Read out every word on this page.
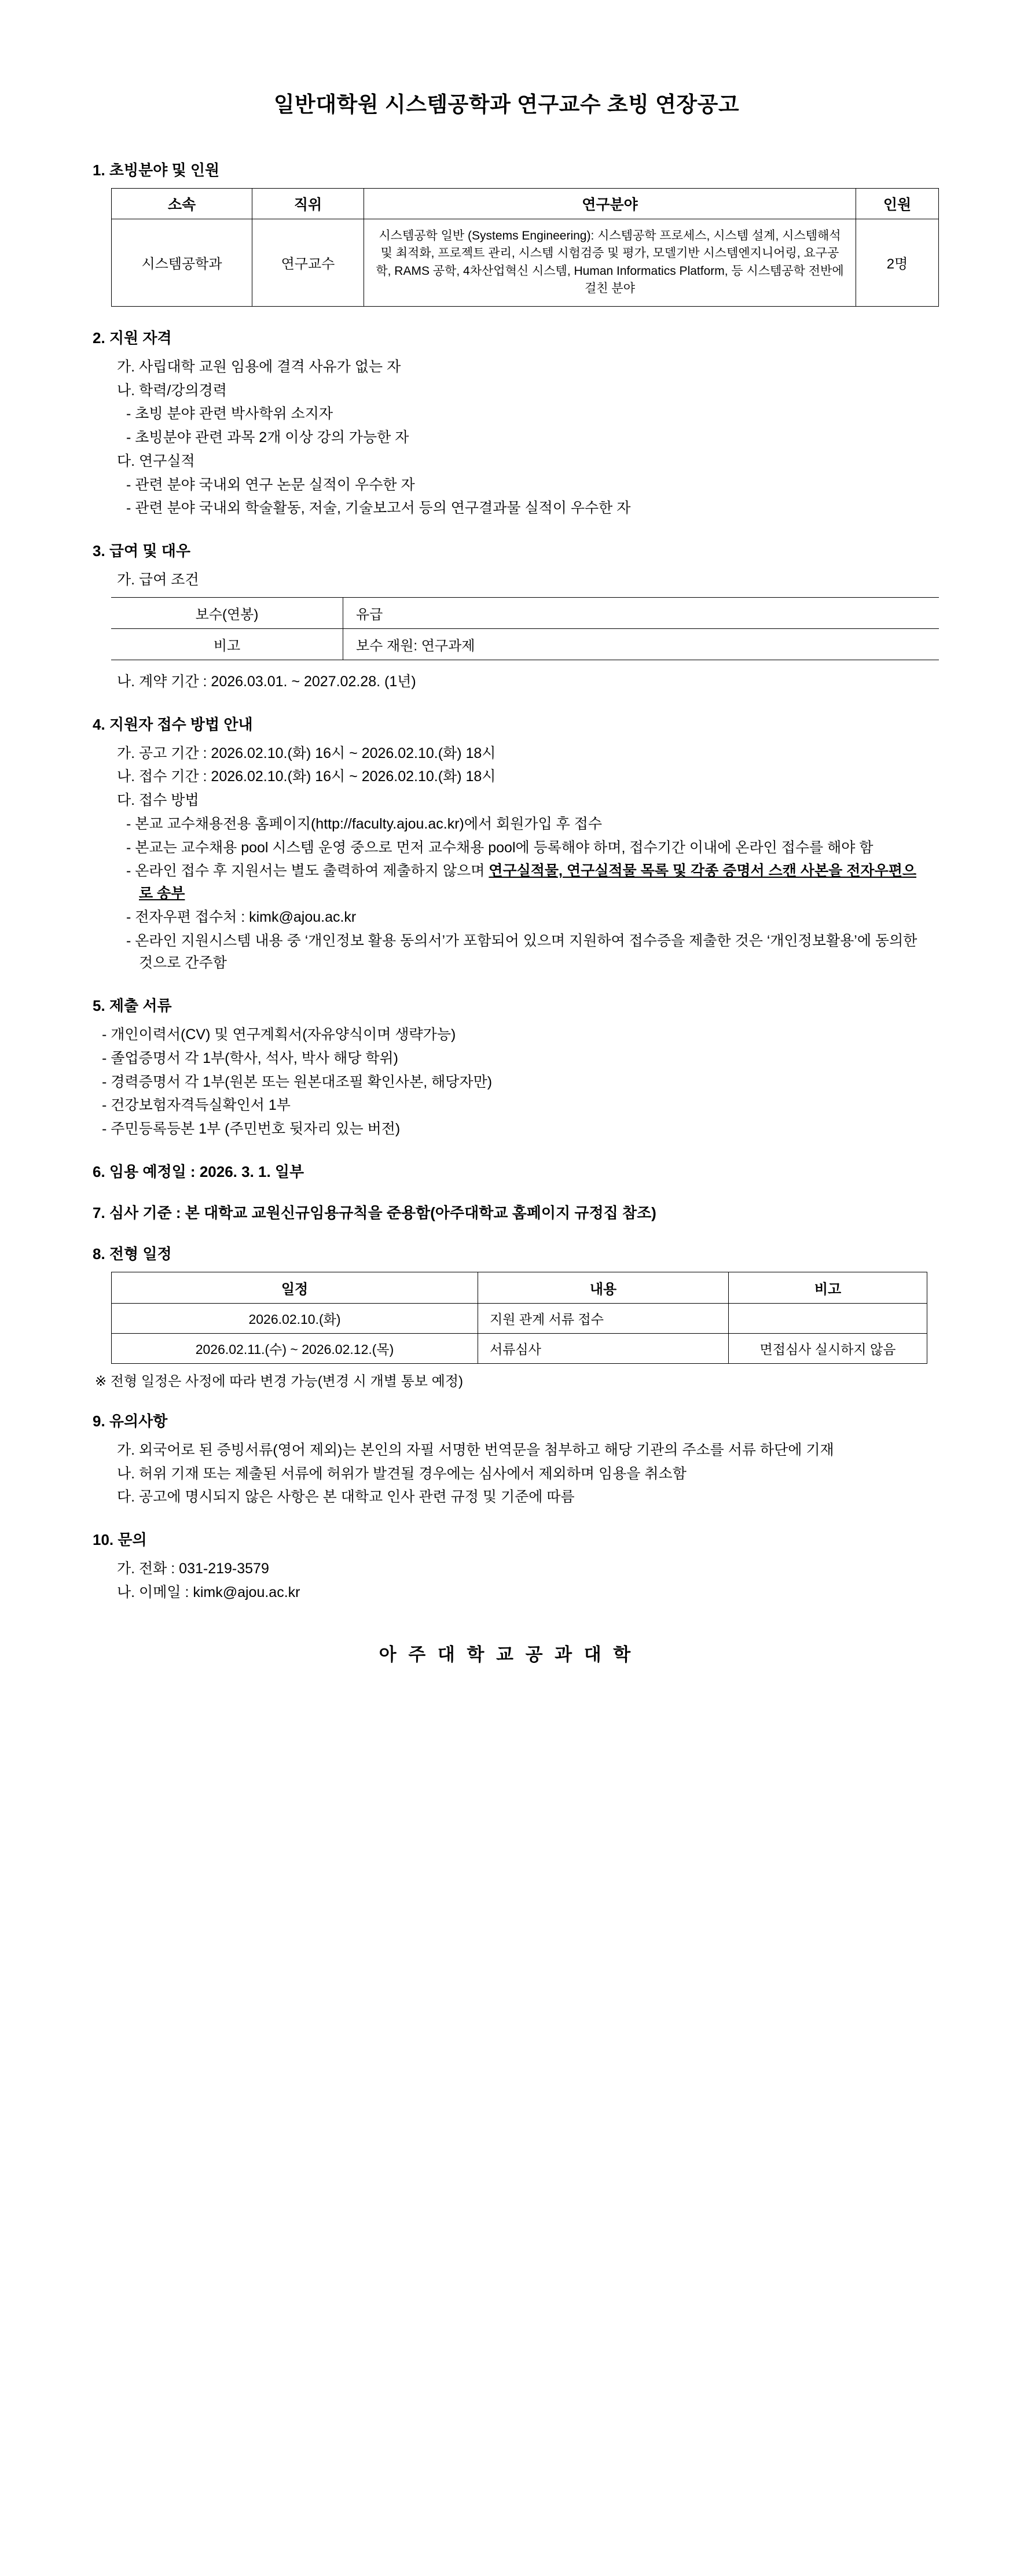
일반대학원 시스템공학과 연구교수 초빙 연장공고
1. 초빙분야 및 인원
소속	직위	연구분야	인원
시스템공학과	연구교수	시스템공학 일반 (Systems Engineering): 시스템공학 프로세스, 시스템 설계, 시스템해석 및 최적화, 프로젝트 관리, 시스템 시험검증 및 평가, 모델기반 시스템엔지니어링, 요구공학, RAMS 공학, 4차산업혁신 시스템, Human Informatics Platform, 등 시스템공학 전반에 걸친 분야	2명
2. 지원 자격
가. 사립대학 교원 임용에 결격 사유가 없는 자
나. 학력/강의경력
- 초빙 분야 관련 박사학위 소지자
- 초빙분야 관련 과목 2개 이상 강의 가능한 자
다. 연구실적
- 관련 분야 국내외 연구 논문 실적이 우수한 자
- 관련 분야 국내외 학술활동, 저술, 기술보고서 등의 연구결과물 실적이 우수한 자
3. 급여 및 대우
가. 급여 조건
보수(연봉)	유급
비고	보수 재원: 연구과제
나. 계약 기간 : 2026.03.01. ~ 2027.02.28. (1년)
4. 지원자 접수 방법 안내
가. 공고 기간 : 2026.02.10.(화) 16시 ~ 2026.02.10.(화) 18시
나. 접수 기간 : 2026.02.10.(화) 16시 ~ 2026.02.10.(화) 18시
다. 접수 방법
- 본교 교수채용전용 홈페이지(http://faculty.ajou.ac.kr)에서 회원가입 후 접수
- 본교는 교수채용 pool 시스템 운영 중으로 먼저 교수채용 pool에 등록해야 하며, 접수기간 이내에 온라인 접수를 해야 함
- 온라인 접수 후 지원서는 별도 출력하여 제출하지 않으며 연구실적물, 연구실적물 목록 및 각종 증명서 스캔 사본을 전자우편으로 송부
- 전자우편 접수처 : kimk@ajou.ac.kr
- 온라인 지원시스템 내용 중 ‘개인정보 활용 동의서’가 포함되어 있으며 지원하여 접수증을 제출한 것은 ‘개인정보활용’에 동의한 것으로 간주함
5. 제출 서류
- 개인이력서(CV) 및 연구계획서(자유양식이며 생략가능)
- 졸업증명서 각 1부(학사, 석사, 박사 해당 학위)
- 경력증명서 각 1부(원본 또는 원본대조필 확인사본, 해당자만)
- 건강보험자격득실확인서 1부
- 주민등록등본 1부 (주민번호 뒷자리 있는 버전)
6. 임용 예정일 : 2026. 3. 1. 일부
7. 심사 기준 : 본 대학교 교원신규임용규칙을 준용함(아주대학교 홈페이지 규정집 참조)
8. 전형 일정
일정	내용	비고
2026.02.10.(화)	지원 관계 서류 접수	
2026.02.11.(수) ~ 2026.02.12.(목)	서류심사	면접심사 실시하지 않음
※ 전형 일정은 사정에 따라 변경 가능(변경 시 개별 통보 예정)
9. 유의사항
가. 외국어로 된 증빙서류(영어 제외)는 본인의 자필 서명한 번역문을 첨부하고 해당 기관의 주소를 서류 하단에 기재
나. 허위 기재 또는 제출된 서류에 허위가 발견될 경우에는 심사에서 제외하며 임용을 취소함
다. 공고에 명시되지 않은 사항은 본 대학교 인사 관련 규정 및 기준에 따름
10. 문의
가. 전화 : 031-219-3579
나. 이메일 : kimk@ajou.ac.kr
아 주 대 학 교 공 과 대 학
